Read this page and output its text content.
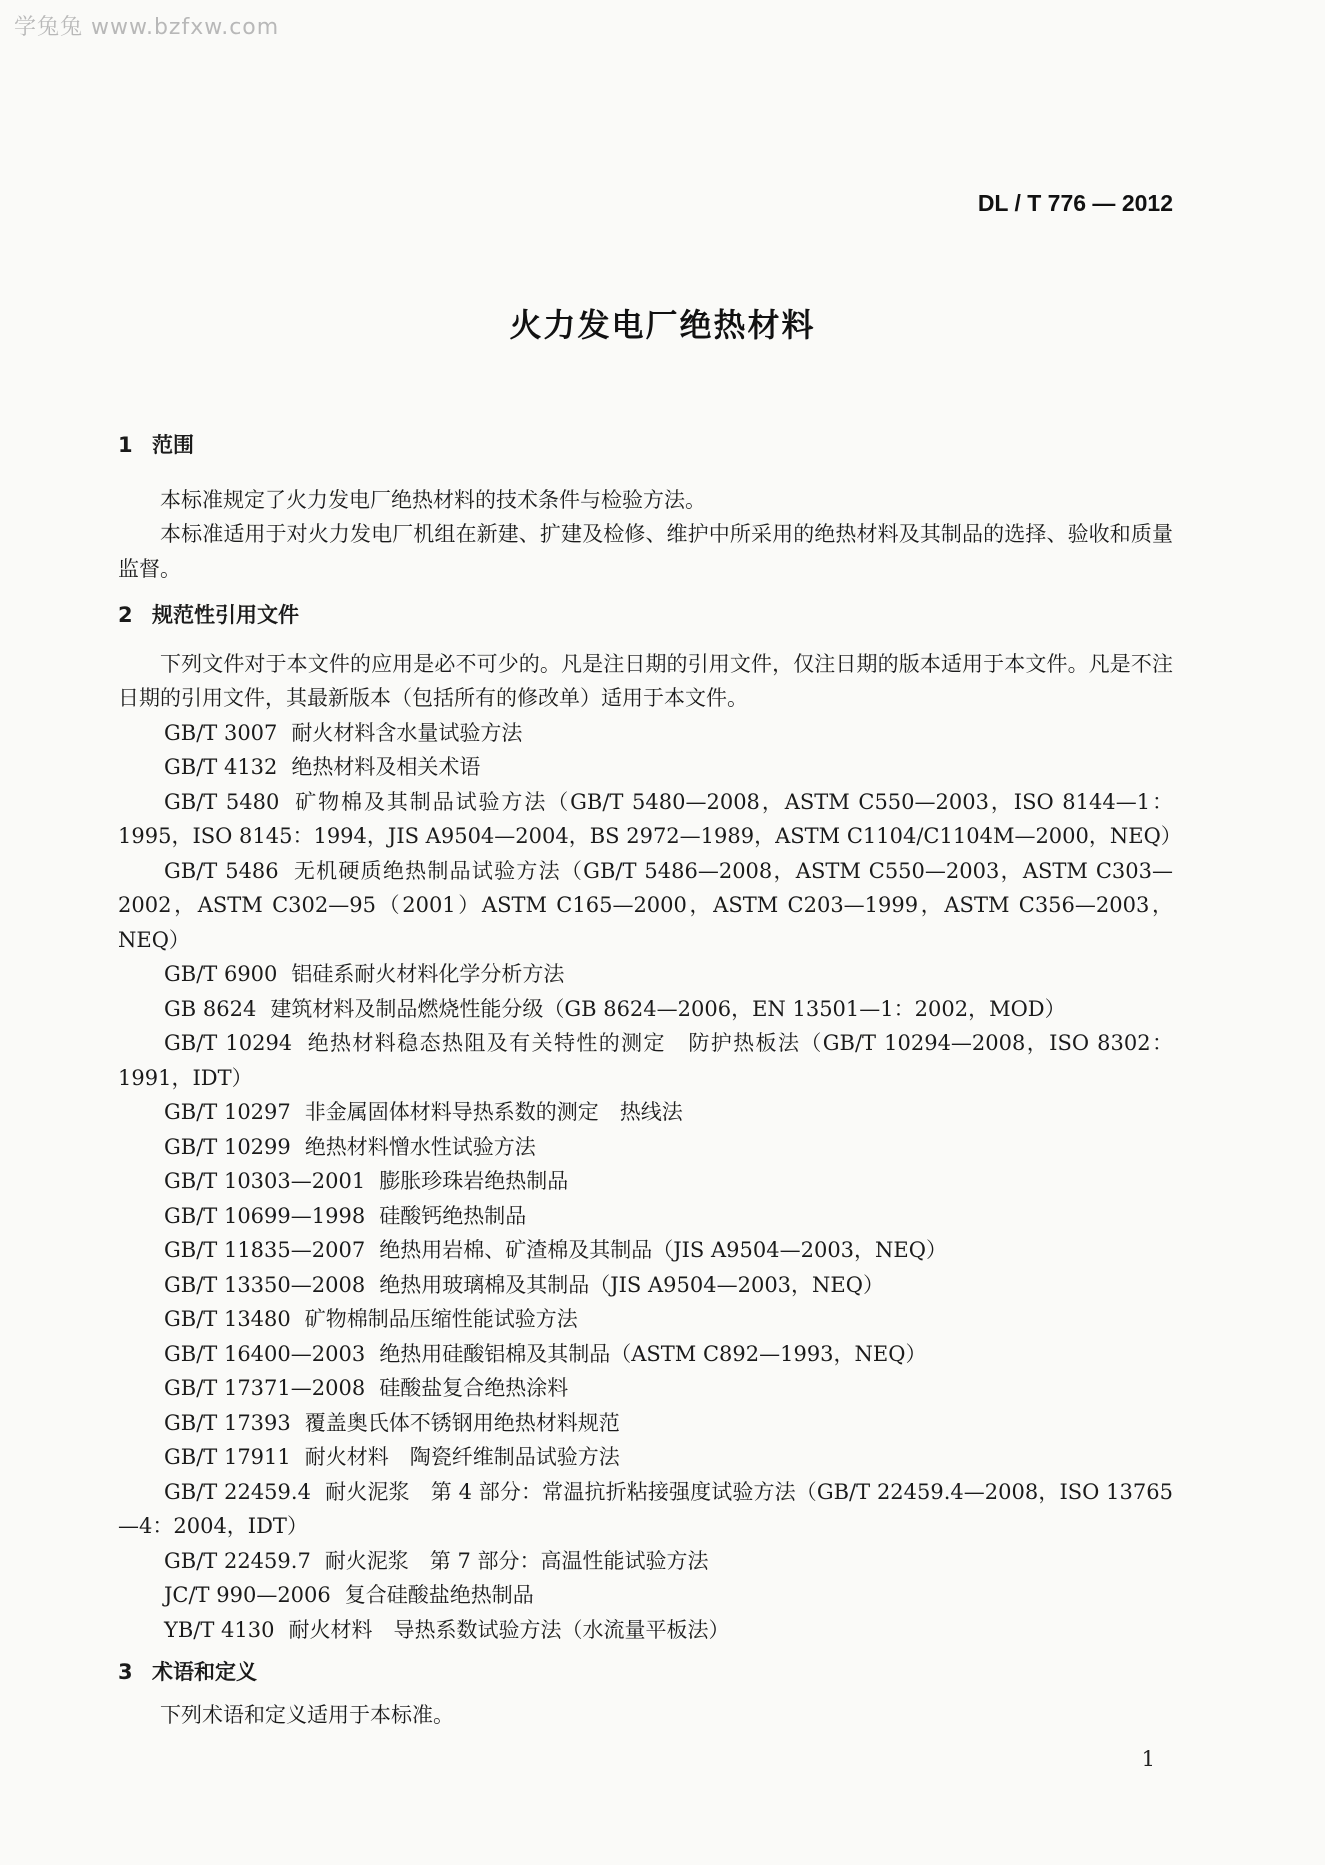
学兔兔 www.bzfxw.com
DL / T 776 — 2012
火力发电厂绝热材料
1 范围

本标准规定了火力发电厂绝热材料的技术条件与检验方法。

本标准适用于对火力发电厂机组在新建、扩建及检修、维护中所采用的绝热材料及其制品的选择、验收和质量监督。

2 规范性引用文件

下列文件对于本文件的应用是必不可少的。凡是注日期的引用文件，仅注日期的版本适用于本文件。凡是不注日期的引用文件，其最新版本（包括所有的修改单）适用于本文件。

GB/T 3007 耐火材料含水量试验方法

GB/T 4132 绝热材料及相关术语

GB/T 5480 矿物棉及其制品试验方法（GB/T 5480—2008，ASTM C550—2003，ISO 8144—1：1995，ISO 8145：1994，JIS A9504—2004，BS 2972—1989，ASTM C1104/C1104M—2000，NEQ）

GB/T 5486 无机硬质绝热制品试验方法（GB/T 5486—2008，ASTM C550—2003，ASTM C303—2002，ASTM C302—95（2001）ASTM C165—2000，ASTM C203—1999，ASTM C356—2003，NEQ）

GB/T 6900 铝硅系耐火材料化学分析方法

GB 8624 建筑材料及制品燃烧性能分级（GB 8624—2006，EN 13501—1：2002，MOD）

GB/T 10294 绝热材料稳态热阻及有关特性的测定　防护热板法（GB/T 10294—2008，ISO 8302：1991，IDT）

GB/T 10297 非金属固体材料导热系数的测定　热线法

GB/T 10299 绝热材料憎水性试验方法

GB/T 10303—2001 膨胀珍珠岩绝热制品

GB/T 10699—1998 硅酸钙绝热制品

GB/T 11835—2007 绝热用岩棉、矿渣棉及其制品（JIS A9504—2003，NEQ）

GB/T 13350—2008 绝热用玻璃棉及其制品（JIS A9504—2003，NEQ）

GB/T 13480 矿物棉制品压缩性能试验方法

GB/T 16400—2003 绝热用硅酸铝棉及其制品（ASTM C892—1993，NEQ）

GB/T 17371—2008 硅酸盐复合绝热涂料

GB/T 17393 覆盖奥氏体不锈钢用绝热材料规范

GB/T 17911 耐火材料　陶瓷纤维制品试验方法

GB/T 22459.4 耐火泥浆　第 4 部分：常温抗折粘接强度试验方法（GB/T 22459.4—2008，ISO 13765—4：2004，IDT）

GB/T 22459.7 耐火泥浆　第 7 部分：高温性能试验方法

JC/T 990—2006 复合硅酸盐绝热制品

YB/T 4130 耐火材料　导热系数试验方法（水流量平板法）

3 术语和定义

下列术语和定义适用于本标准。

1
